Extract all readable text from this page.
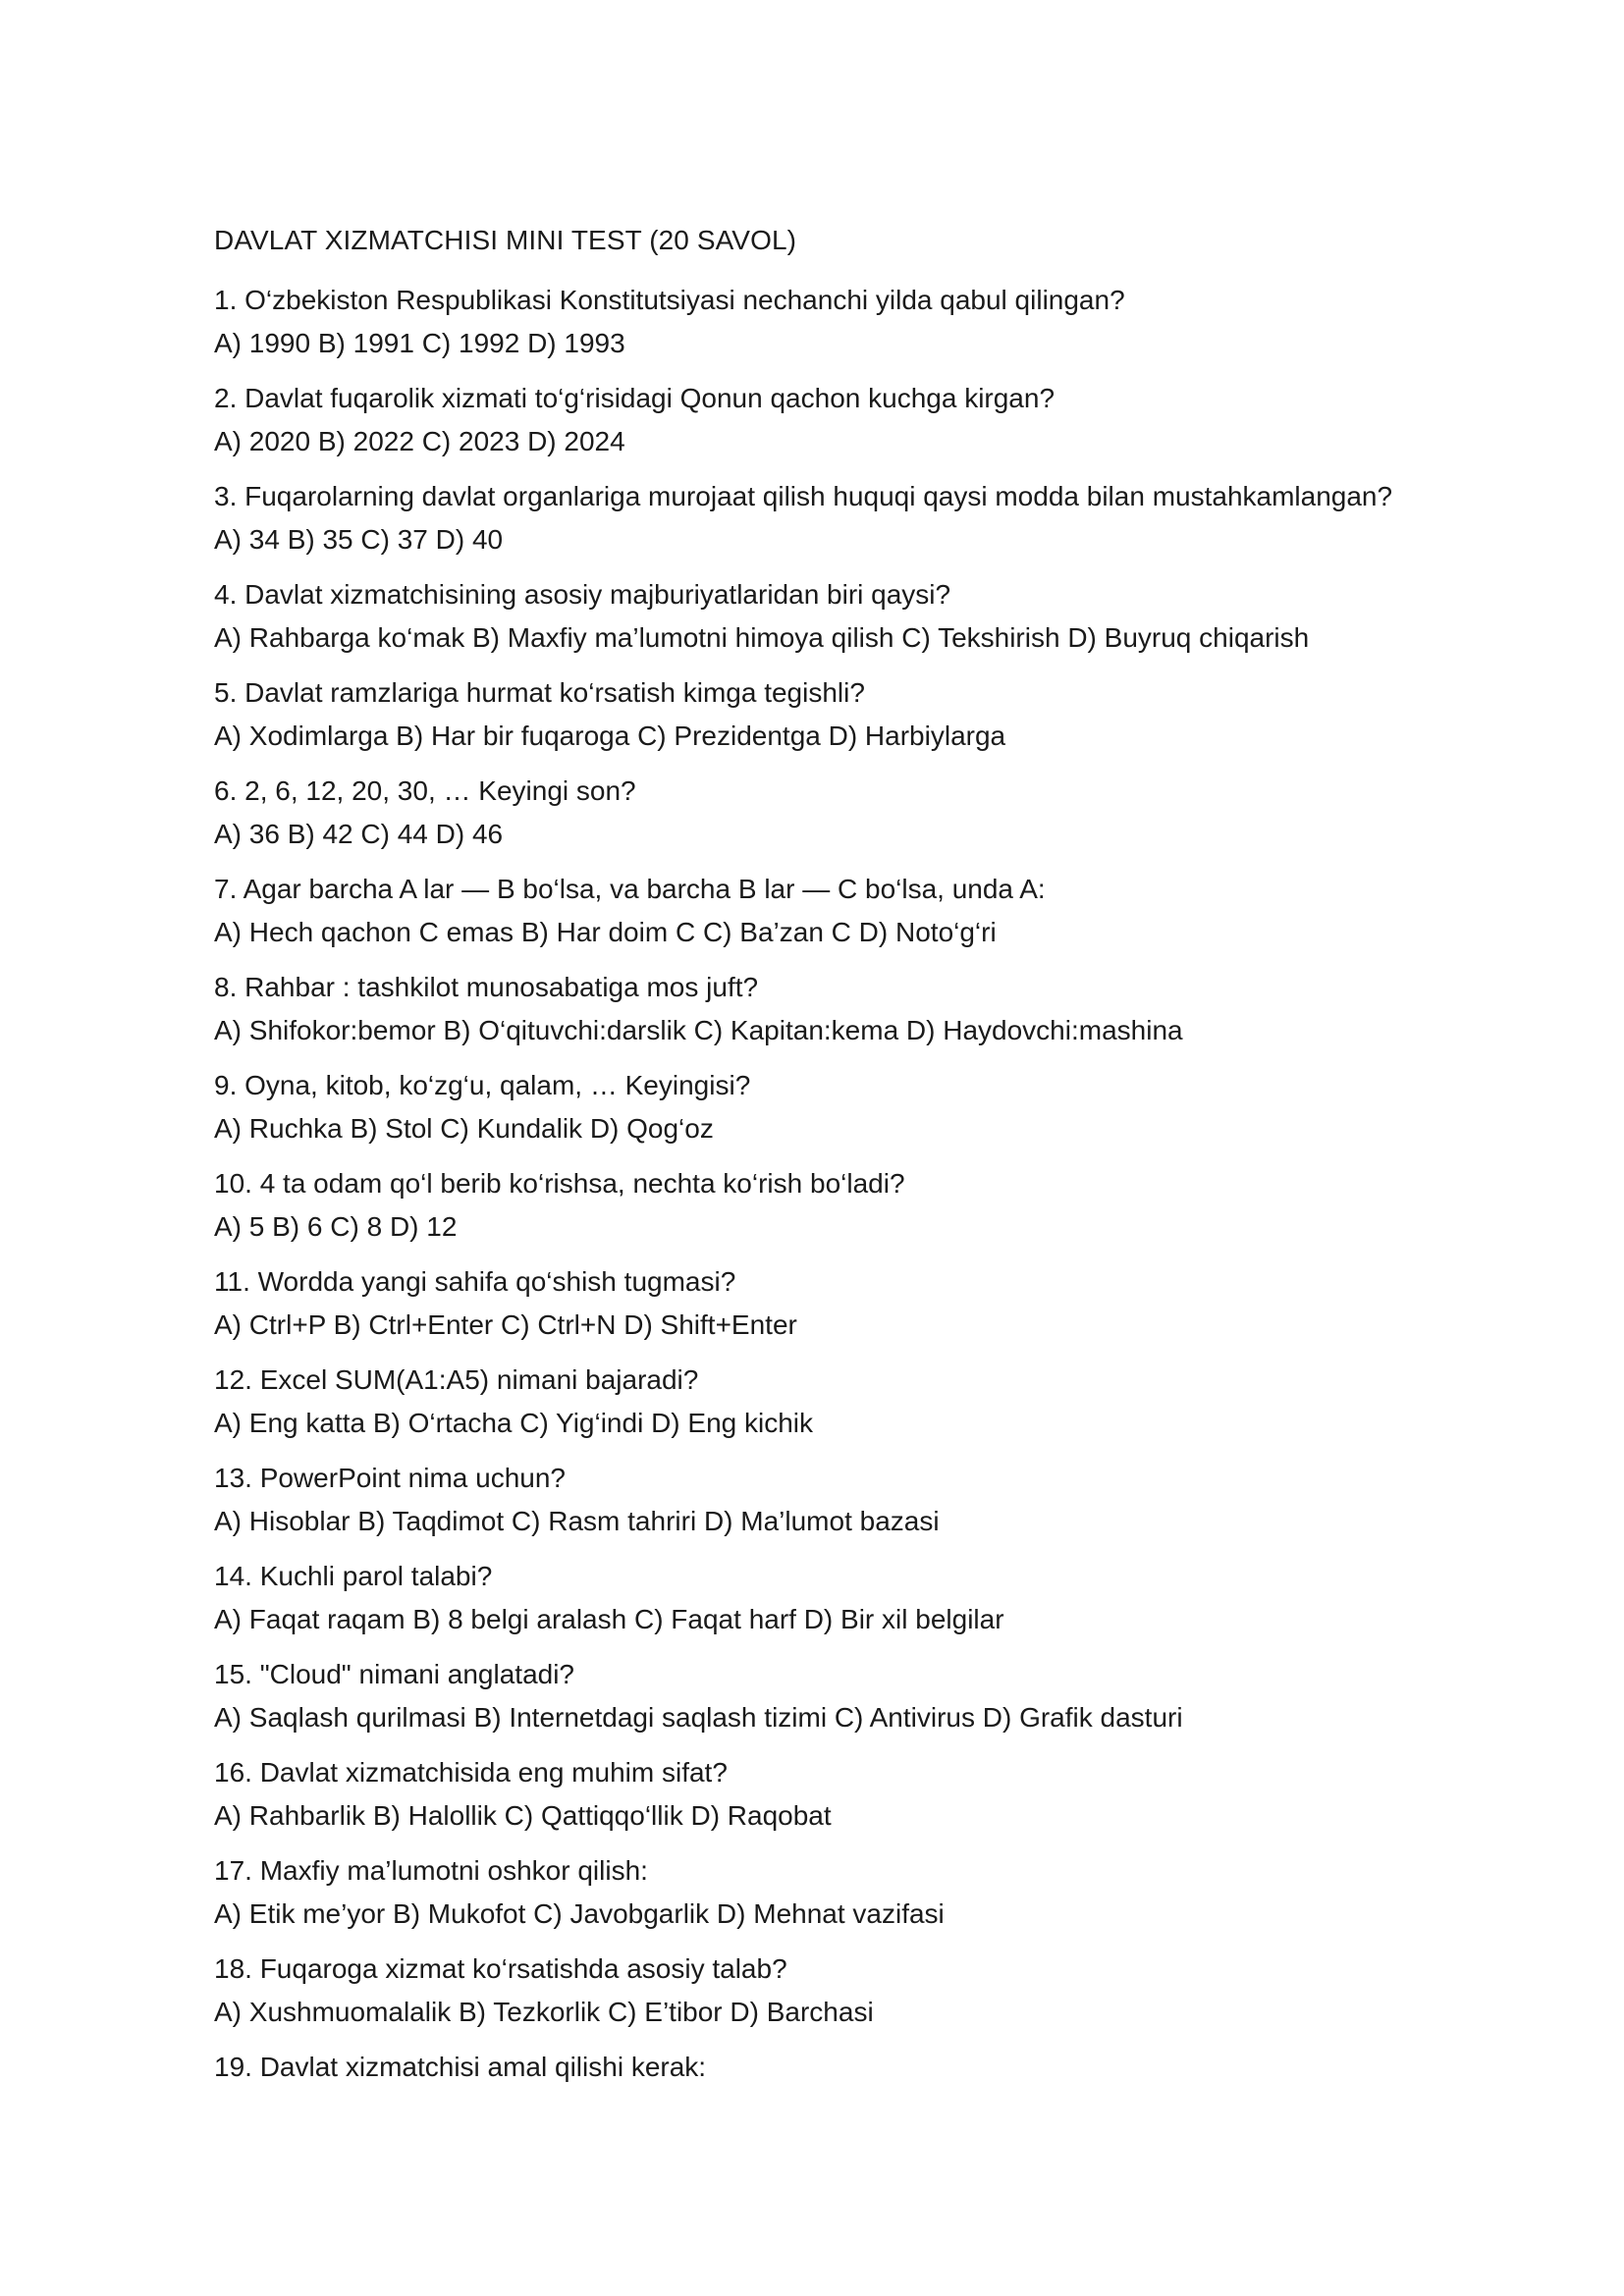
DAVLAT XIZMATCHISI MINI TEST (20 SAVOL)

1. O‘zbekiston Respublikasi Konstitutsiyasi nechanchi yilda qabul qilingan?

A) 1990 B) 1991 C) 1992 D) 1993

2. Davlat fuqarolik xizmati to‘g‘risidagi Qonun qachon kuchga kirgan?

A) 2020 B) 2022 C) 2023 D) 2024

3. Fuqarolarning davlat organlariga murojaat qilish huquqi qaysi modda bilan mustahkamlangan?

A) 34 B) 35 C) 37 D) 40

4. Davlat xizmatchisining asosiy majburiyatlaridan biri qaysi?

A) Rahbarga ko‘mak B) Maxfiy ma’lumotni himoya qilish C) Tekshirish D) Buyruq chiqarish

5. Davlat ramzlariga hurmat ko‘rsatish kimga tegishli?

A) Xodimlarga B) Har bir fuqaroga C) Prezidentga D) Harbiylarga

6. 2, 6, 12, 20, 30, … Keyingi son?

A) 36 B) 42 C) 44 D) 46

7. Agar barcha A lar — B bo‘lsa, va barcha B lar — C bo‘lsa, unda A:

A) Hech qachon C emas B) Har doim C C) Ba’zan C D) Noto‘g‘ri

8. Rahbar : tashkilot munosabatiga mos juft?

A) Shifokor:bemor B) O‘qituvchi:darslik C) Kapitan:kema D) Haydovchi:mashina

9. Oyna, kitob, ko‘zg‘u, qalam, … Keyingisi?

A) Ruchka B) Stol C) Kundalik D) Qog‘oz

10. 4 ta odam qo‘l berib ko‘rishsa, nechta ko‘rish bo‘ladi?

A) 5 B) 6 C) 8 D) 12

11. Wordda yangi sahifa qo‘shish tugmasi?

A) Ctrl+P B) Ctrl+Enter C) Ctrl+N D) Shift+Enter

12. Excel SUM(A1:A5) nimani bajaradi?

A) Eng katta B) O‘rtacha C) Yig‘indi D) Eng kichik

13. PowerPoint nima uchun?

A) Hisoblar B) Taqdimot C) Rasm tahriri D) Ma’lumot bazasi

14. Kuchli parol talabi?

A) Faqat raqam B) 8 belgi aralash C) Faqat harf D) Bir xil belgilar

15. "Cloud" nimani anglatadi?

A) Saqlash qurilmasi B) Internetdagi saqlash tizimi C) Antivirus D) Grafik dasturi

16. Davlat xizmatchisida eng muhim sifat?

A) Rahbarlik B) Halollik C) Qattiqqo‘llik D) Raqobat

17. Maxfiy ma’lumotni oshkor qilish:

A) Etik me’yor B) Mukofot C) Javobgarlik D) Mehnat vazifasi

18. Fuqaroga xizmat ko‘rsatishda asosiy talab?

A) Xushmuomalalik B) Tezkorlik C) E’tibor D) Barchasi

19. Davlat xizmatchisi amal qilishi kerak:
